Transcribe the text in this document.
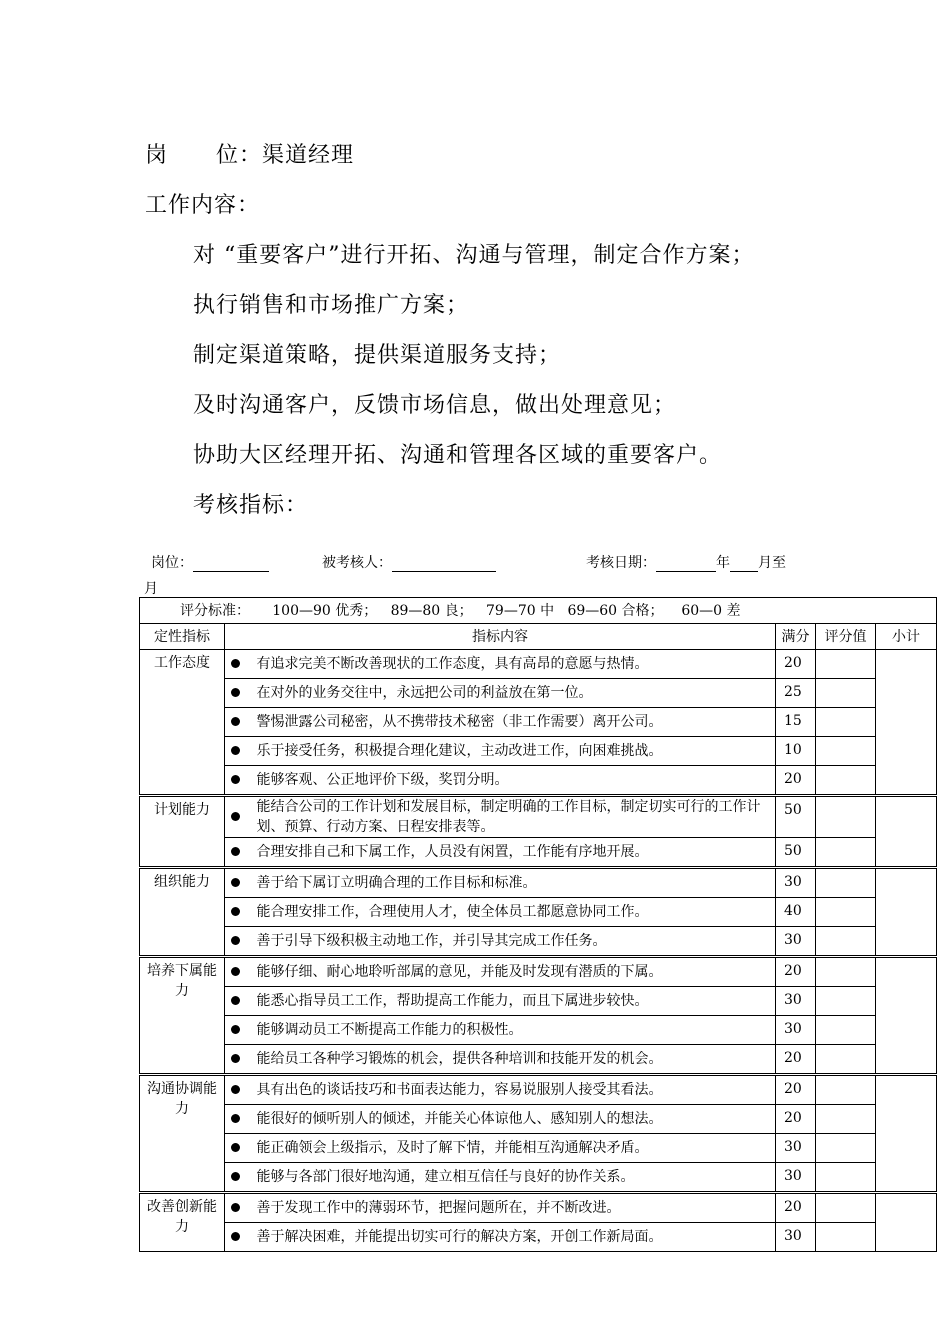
岗 位：渠道经理
工作内容：
对 “重要客户”进行开拓、沟通与管理，制定合作方案；
执行销售和市场推广方案；
制定渠道策略，提供渠道服务支持；
及时沟通客户，反馈市场信息，做出处理意见；
协助大区经理开拓、沟通和管理各区域的重要客户。
考核指标：
岗位：	被考核人：	考核日期：	年 月至
月
评分标准：     100—90 优秀；   89—80 良；   79—70 中   69—60 合格；    60—0 差					
定性指标	指标内容		满分	评分值	小计
工作态度		有追求完美不断改善现状的工作态度，具有高昂的意愿与热情。	20		
		在对外的业务交往中，永远把公司的利益放在第一位。	25		
		警惕泄露公司秘密，从不携带技术秘密（非工作需要）离开公司。	15		
		乐于接受任务，积极提合理化建议，主动改进工作，向困难挑战。	10		
		能够客观、公正地评价下级，奖罚分明。	20		
计划能力		能结合公司的工作计划和发展目标，制定明确的工作目标，制定切实可行的工作计划、预算、行动方案、日程安排表等。	50		
		合理安排自己和下属工作，人员没有闲置，工作能有序地开展。	50		
组织能力		善于给下属订立明确合理的工作目标和标准。	30		
		能合理安排工作，合理使用人才，使全体员工都愿意协同工作。	40		
		善于引导下级积极主动地工作，并引导其完成工作任务。	30		
培养下属能力		能够仔细、耐心地聆听部属的意见，并能及时发现有潜质的下属。	20		
		能悉心指导员工工作，帮助提高工作能力，而且下属进步较快。	30		
		能够调动员工不断提高工作能力的积极性。	30		
		能给员工各种学习锻炼的机会，提供各种培训和技能开发的机会。	20		
沟通协调能力		具有出色的谈话技巧和书面表达能力，容易说服别人接受其看法。	20		
		能很好的倾听别人的倾述，并能关心体谅他人、感知别人的想法。	20		
		能正确领会上级指示，及时了解下情，并能相互沟通解决矛盾。	30		
		能够与各部门很好地沟通，建立相互信任与良好的协作关系。	30		
改善创新能力		善于发现工作中的薄弱环节，把握问题所在，并不断改进。	20		
		善于解决困难，并能提出切实可行的解决方案，开创工作新局面。	30		
